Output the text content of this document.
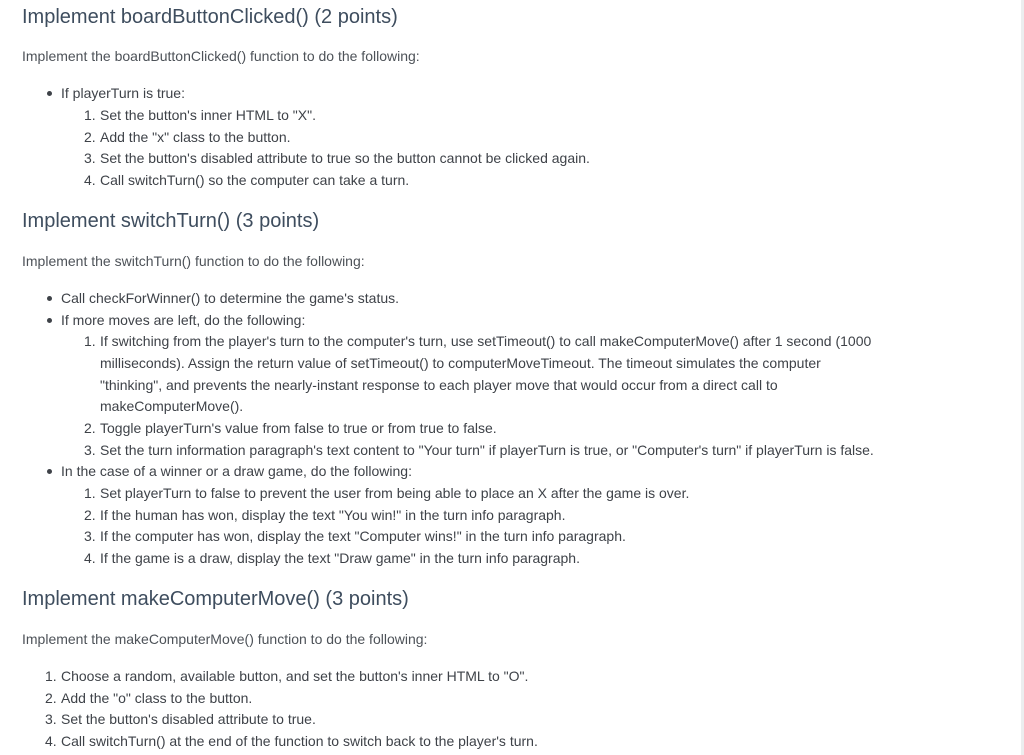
Implement boardButtonClicked() (2 points)

Implement the boardButtonClicked() function to do the following:

If playerTurn is true:
1. Set the button's inner HTML to "X".
2. Add the "x" class to the button.
3. Set the button's disabled attribute to true so the button cannot be clicked again.
4. Call switchTurn() so the computer can take a turn.
Implement switchTurn() (3 points)

Implement the switchTurn() function to do the following:

Call checkForWinner() to determine the game's status.
If more moves are left, do the following:
1. If switching from the player's turn to the computer's turn, use setTimeout() to call makeComputerMove() after 1 second (1000
milliseconds). Assign the return value of setTimeout() to computerMoveTimeout. The timeout simulates the computer
"thinking", and prevents the nearly-instant response to each player move that would occur from a direct call to
makeComputerMove().
2. Toggle playerTurn's value from false to true or from true to false.
3. Set the turn information paragraph's text content to "Your turn" if playerTurn is true, or "Computer's turn" if playerTurn is false.
In the case of a winner or a draw game, do the following:
1. Set playerTurn to false to prevent the user from being able to place an X after the game is over.
2. If the human has won, display the text "You win!" in the turn info paragraph.
3. If the computer has won, display the text "Computer wins!" in the turn info paragraph.
4. If the game is a draw, display the text "Draw game" in the turn info paragraph.
Implement makeComputerMove() (3 points)

Implement the makeComputerMove() function to do the following:

1. Choose a random, available button, and set the button's inner HTML to "O".
2. Add the "o" class to the button.
3. Set the button's disabled attribute to true.
4. Call switchTurn() at the end of the function to switch back to the player's turn.
